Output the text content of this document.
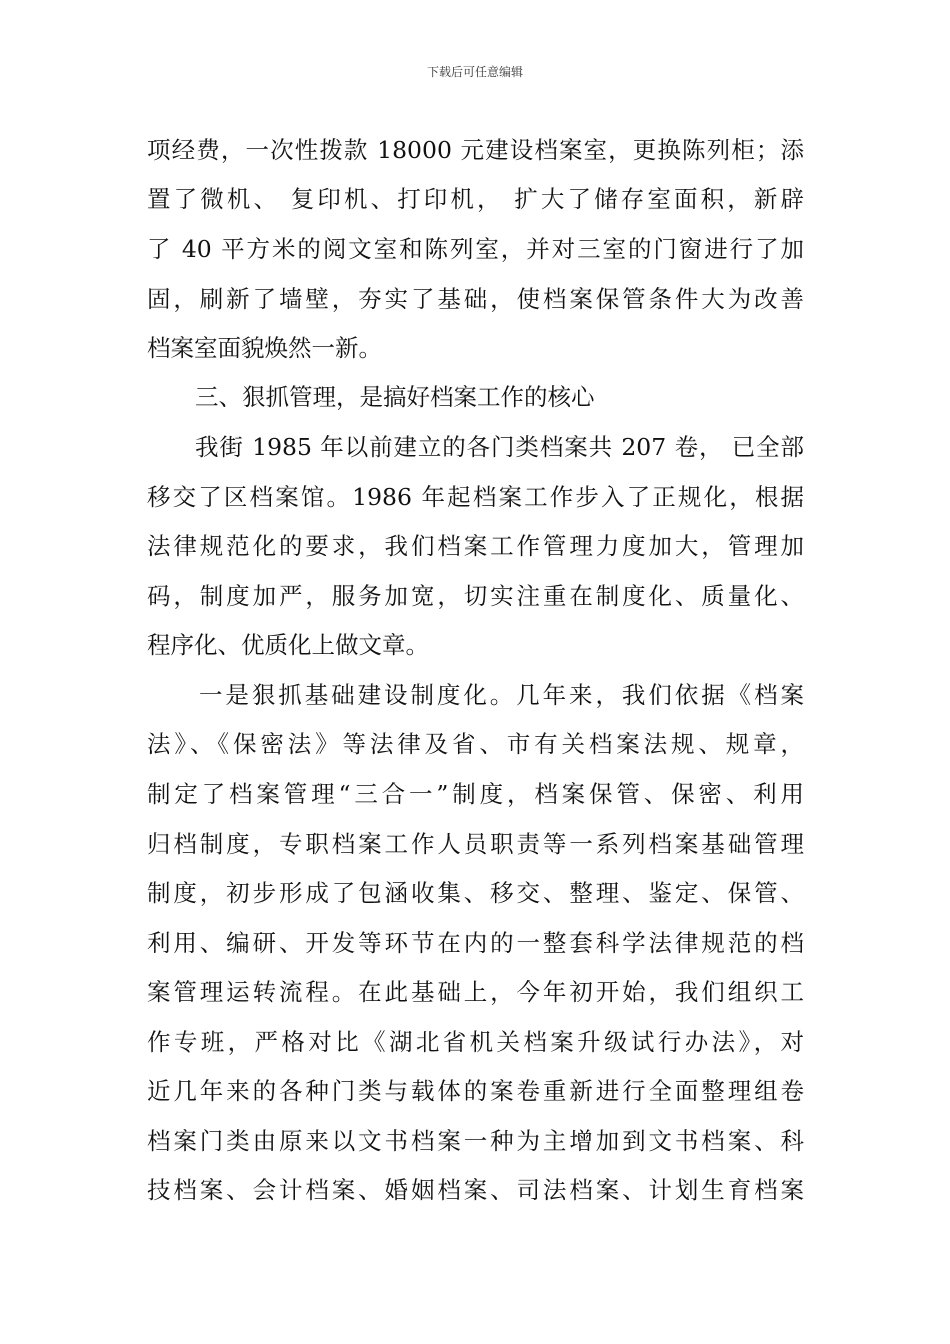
下载后可任意编辑
项经费，一次性拨款 18000 元建设档案室，更换陈列柜；添
置了微机、 复印机、打印机， 扩大了储存室面积，新辟
了 40 平方米的阅文室和陈列室，并对三室的门窗进行了加
固，刷新了墙壁，夯实了基础，使档案保管条件大为改善
档案室面貌焕然一新。
三、狠抓管理，是搞好档案工作的核心
我街 1985 年以前建立的各门类档案共 207 卷， 已全部
移交了区档案馆。1986 年起档案工作步入了正规化，根据
法律规范化的要求，我们档案工作管理力度加大，管理加
码，制度加严，服务加宽，切实注重在制度化、质量化、
程序化、优质化上做文章。
一是狠抓基础建设制度化。几年来，我们依据《档案
法》、《保密法》等法律及省、市有关档案法规、规章，
制定了档案管理“三合一”制度，档案保管、保密、利用
归档制度，专职档案工作人员职责等一系列档案基础管理
制度，初步形成了包涵收集、移交、整理、鉴定、保管、
利用、编研、开发等环节在内的一整套科学法律规范的档
案管理运转流程。在此基础上，今年初开始，我们组织工
作专班，严格对比《湖北省机关档案升级试行办法》，对
近几年来的各种门类与载体的案卷重新进行全面整理组卷
档案门类由原来以文书档案一种为主增加到文书档案、科
技档案、会计档案、婚姻档案、司法档案、计划生育档案
